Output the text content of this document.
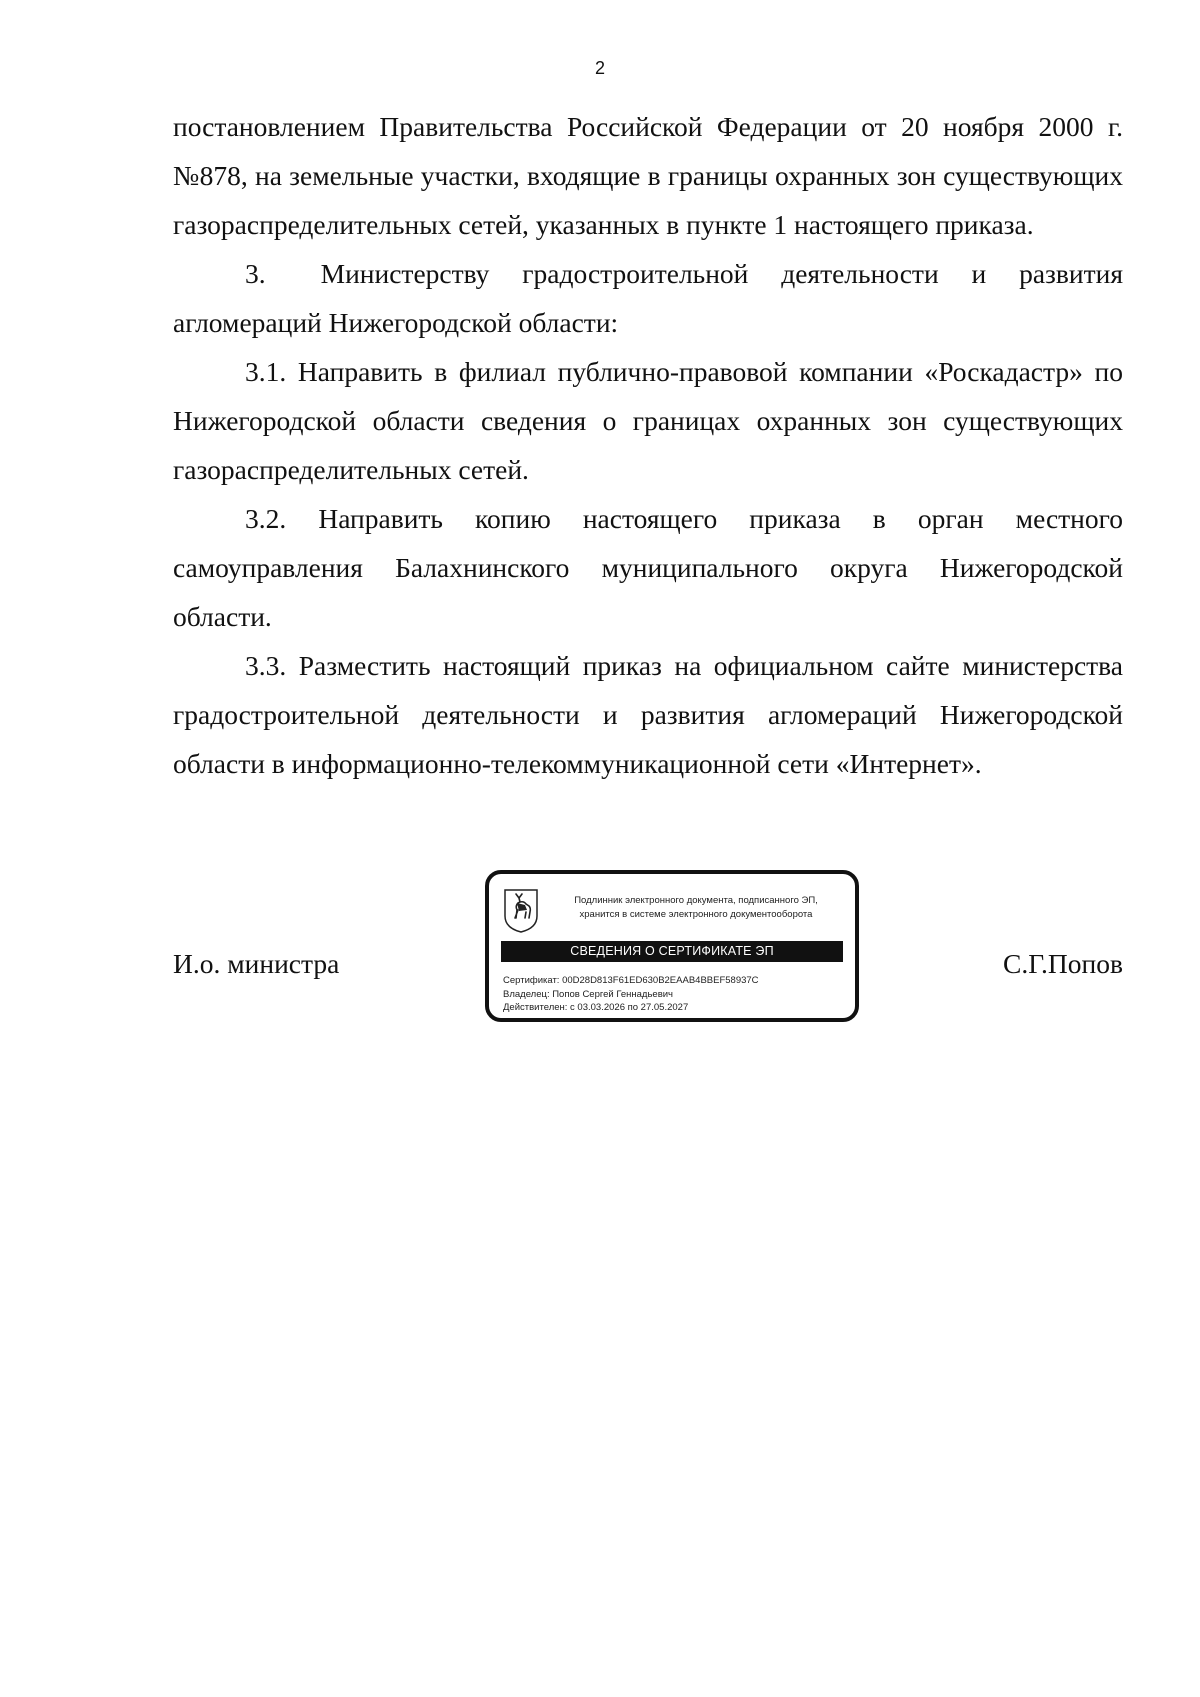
2

постановлением Правительства Российской Федерации от 20 ноября 2000 г. №878, на земельные участки, входящие в границы охранных зон существующих газораспределительных сетей, указанных в пункте 1 настоящего приказа.

3.  Министерству градостроительной деятельности и развития агломераций Нижегородской области:

3.1. Направить в филиал публично-правовой компании «Роскадастр» по Нижегородской области сведения о границах охранных зон существующих газораспределительных сетей.

3.2. Направить копию настоящего приказа в орган местного самоуправления Балахнинского муниципального округа Нижегородской области.

3.3. Разместить настоящий приказ на официальном сайте министерства градостроительной деятельности и развития агломераций Нижегородской области в информационно-телекоммуникационной сети «Интернет».

И.о. министра
Подлинник электронного документа, подписанного ЭП,
хранится в системе электронного документооборота
СВЕДЕНИЯ О СЕРТИФИКАТЕ ЭП
Сертификат: 00D28D813F61ED630B2EAAB4BBEF58937C
Владелец: Попов Сергей Геннадьевич
Действителен: с 03.03.2026 по 27.05.2027
С.Г.Попов
